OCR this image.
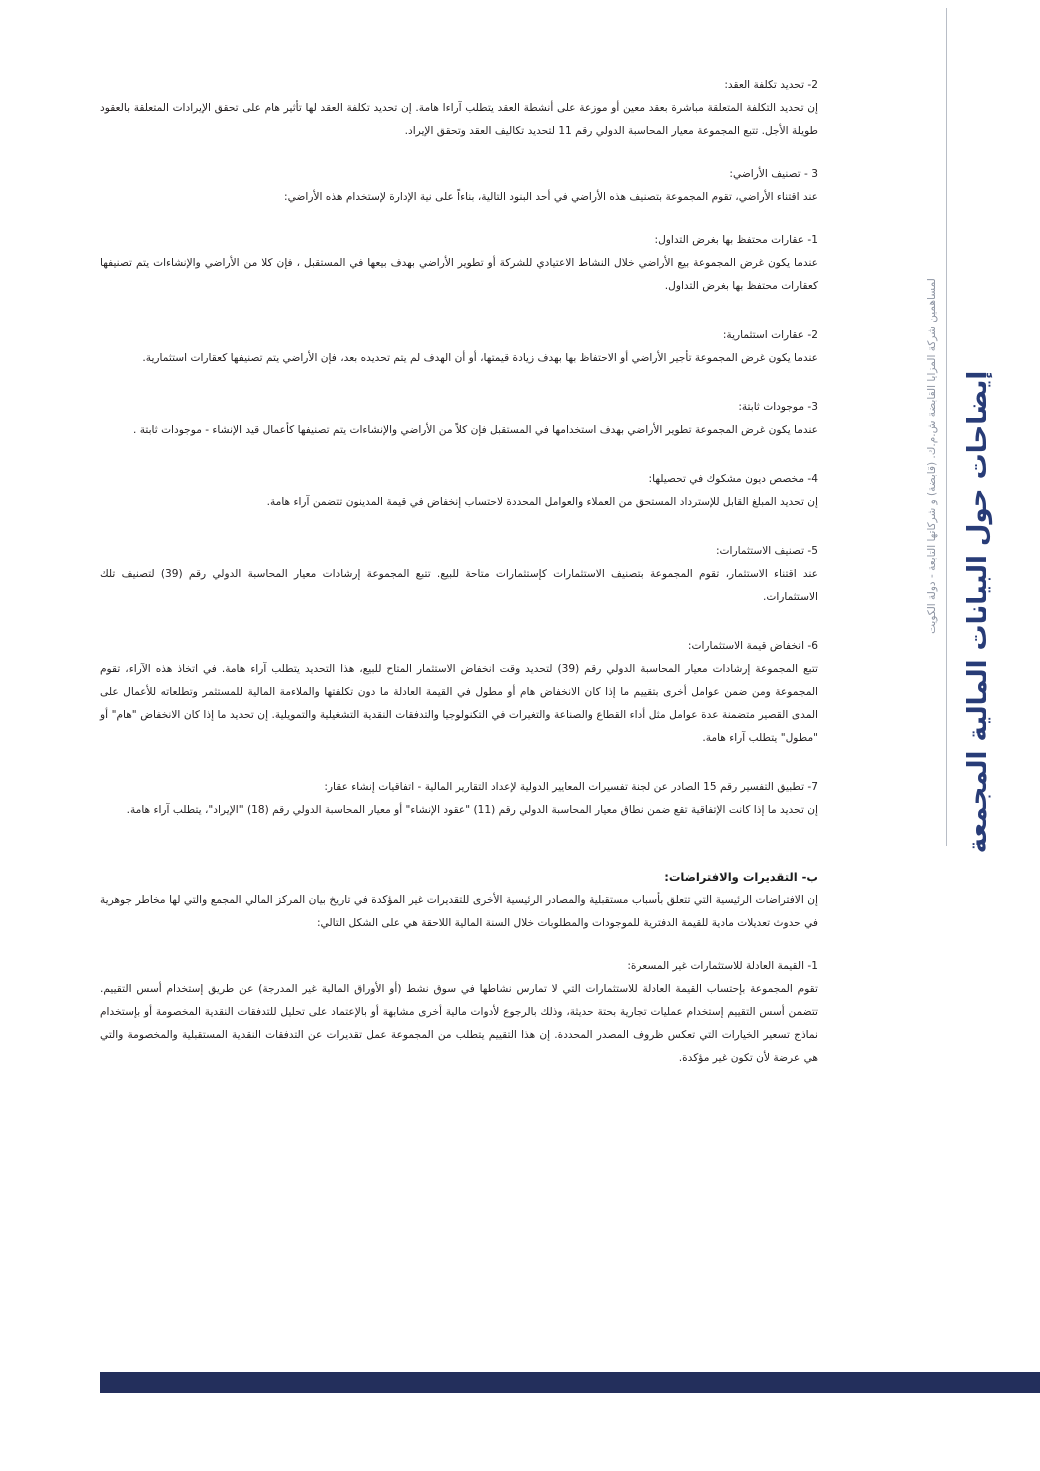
إيضاحات حول البيانات المالية المجمعة
لمساهمين شركة المزايا القابضة ش.م.ك. (قابضة) و شركاتها التابعة - دولة الكويت

2- تحديد تكلفة العقد:

إن تحديد التكلفة المتعلقة مباشرة بعقد معين أو موزعة على أنشطة العقد يتطلب آراءا هامة. إن تحديد تكلفة العقد لها تأثير هام على تحقق الإيرادات المتعلقة بالعقود طويلة الأجل. تتبع المجموعة معيار المحاسبة الدولي رقم 11 لتحديد تكاليف العقد وتحقق الإيراد.

3 - تصنيف الأراضي:

عند اقتناء الأراضي، تقوم المجموعة بتصنيف هذه الأراضي في أحد البنود التالية، بناءاً على نية الإدارة لإستخدام هذه الأراضي:

1- عقارات محتفظ بها بغرض التداول:

عندما يكون غرض المجموعة بيع الأراضي خلال النشاط الاعتيادي للشركة أو تطوير الأراضي بهدف بيعها في المستقبل ، فإن كلا من الأراضي والإنشاءات يتم تصنيفها كعقارات محتفظ بها بغرض التداول.

2- عقارات استثمارية:

عندما يكون غرض المجموعة تأجير الأراضي أو الاحتفاظ بها بهدف زيادة قيمتها، أو أن الهدف لم يتم تحديده بعد، فإن الأراضي يتم تصنيفها كعقارات استثمارية.

3- موجودات ثابتة:

عندما يكون غرض المجموعة تطوير الأراضي بهدف استخدامها في المستقبل فإن كلاً من الأراضي والإنشاءات يتم تصنيفها كأعمال قيد الإنشاء - موجودات ثابتة .

4- مخصص ديون مشكوك في تحصيلها:

إن تحديد المبلغ القابل للإسترداد المستحق من العملاء والعوامل المحددة لاحتساب إنخفاض في قيمة المدينون تتضمن آراء هامة.

5- تصنيف الاستثمارات:

عند اقتناء الاستثمار، تقوم المجموعة بتصنيف الاستثمارات كإستثمارات متاحة للبيع. تتبع المجموعة إرشادات معيار المحاسبة الدولي رقم (39) لتصنيف تلك الاستثمارات.

6- انخفاض قيمة الاستثمارات:

تتبع المجموعة إرشادات معيار المحاسبة الدولي رقم (39) لتحديد وقت انخفاض الاستثمار المتاح للبيع، هذا التحديد يتطلب آراء هامة. في اتخاذ هذه الآراء، تقوم المجموعة ومن ضمن عوامل أخرى بتقييم ما إذا كان الانخفاض هام أو مطول في القيمة العادلة ما دون تكلفتها والملاءمة المالية للمستثمر وتطلعاته للأعمال على المدى القصير متضمنة عدة عوامل مثل أداء القطاع والصناعة والتغيرات في التكنولوجيا والتدفقات النقدية التشغيلية والتمويلية. إن تحديد ما إذا كان الانخفاض "هام" أو "مطول" يتطلب آراء هامة.

7- تطبيق التفسير رقم 15 الصادر عن لجنة تفسيرات المعايير الدولية لإعداد التقارير المالية - اتفاقيات إنشاء عقار:

إن تحديد ما إذا كانت الإتفاقية تقع ضمن نطاق معيار المحاسبة الدولي رقم (11) "عقود الإنشاء" أو معيار المحاسبة الدولي رقم (18) "الإيراد"، يتطلب آراء هامة.

ب- التقديرات والافتراضات:

إن الافتراضات الرئيسية التي تتعلق بأسباب مستقبلية والمصادر الرئيسية الأخرى للتقديرات غير المؤكدة في تاريخ بيان المركز المالي المجمع والتي لها مخاطر جوهرية في حدوث تعديلات مادية للقيمة الدفترية للموجودات والمطلوبات خلال السنة المالية اللاحقة هي على الشكل التالي:

1- القيمة العادلة للاستثمارات غير المسعرة:

تقوم المجموعة بإحتساب القيمة العادلة للاستثمارات التي لا تمارس نشاطها في سوق نشط (أو الأوراق المالية غير المدرجة) عن طريق إستخدام أسس التقييم. تتضمن أسس التقييم إستخدام عمليات تجارية بحتة حديثة، وذلك بالرجوع لأدوات مالية أخرى مشابهة أو بالإعتماد على تحليل للتدفقات النقدية المخصومة أو بإستخدام نماذج تسعير الخيارات التي تعكس ظروف المصدر المحددة. إن هذا التقييم يتطلب من المجموعة عمل تقديرات عن التدفقات النقدية المستقبلية والمخصومة والتي هي عرضة لأن تكون غير مؤكدة.
